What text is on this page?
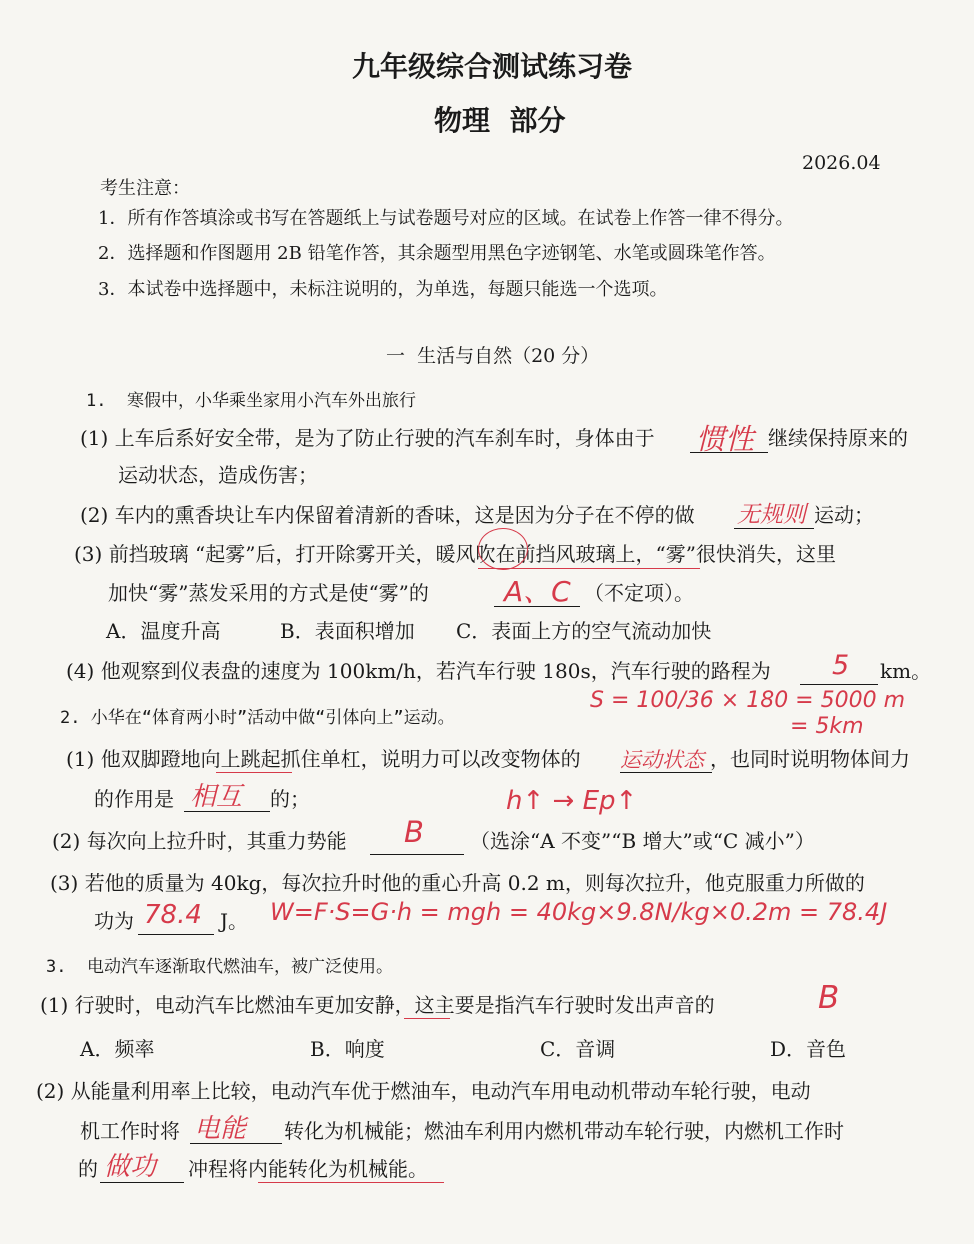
九年级综合测试练习卷
物理  部分
2026.04
考生注意：
1．所有作答填涂或书写在答题纸上与试卷题号对应的区域。在试卷上作答一律不得分。
2．选择题和作图题用 2B 铅笔作答，其余题型用黑色字迹钢笔、水笔或圆珠笔作答。
3．本试卷中选择题中，未标注说明的，为单选，每题只能选一个选项。
一  生活与自然（20 分）
1.  寒假中，小华乘坐家用小汽车外出旅行
(1) 上车后系好安全带，是为了防止行驶的汽车刹车时，身体由于 惯性 继续保持原来的
运动状态，造成伤害；
(2) 车内的熏香块让车内保留着清新的香味，这是因为分子在不停的做 无规则 运动；
(3) 前挡玻璃 “起雾”后，打开除雾开关，暖风吹在前挡风玻璃上，“雾”很快消失，这里
加快“雾”蒸发采用的方式是使“雾”的	A、C （不定项）。
A．温度升高	B．表面积增加 C．表面上方的空气流动加快
(4) 他观察到仪表盘的速度为 100km/h，若汽车行驶 180s，汽车行驶的路程为 5 km。
2. 小华在“体育两小时”活动中做“引体向上”运动。
S = 100/36 × 180 = 5000 m
= 5km
(1) 他双脚蹬地向上跳起抓住单杠，说明力可以改变物体的 运动状态 ，也同时说明物体间力
的作用是 相互 的；	h↑ → Ep↑
(2) 每次向上拉升时，其重力势能 B （选涂“A 不变”“B 增大”或“C 减小”）
(3) 若他的质量为 40kg，每次拉升时他的重心升高 0.2 m，则每次拉升，他克服重力所做的
功为 78.4 J。 W=F·S=G·h = mgh = 40kg×9.8N/kg×0.2m = 78.4J
3.  电动汽车逐渐取代燃油车，被广泛使用。
(1) 行驶时，电动汽车比燃油车更加安静，这主要是指汽车行驶时发出声音的	B
A．频率	B．响度	C．音调	D．音色
(2) 从能量利用率上比较，电动汽车优于燃油车，电动汽车用电动机带动车轮行驶，电动
机工作时将 电能 转化为机械能；燃油车利用内燃机带动车轮行驶，内燃机工作时
的 做功 冲程将内能转化为机械能。
